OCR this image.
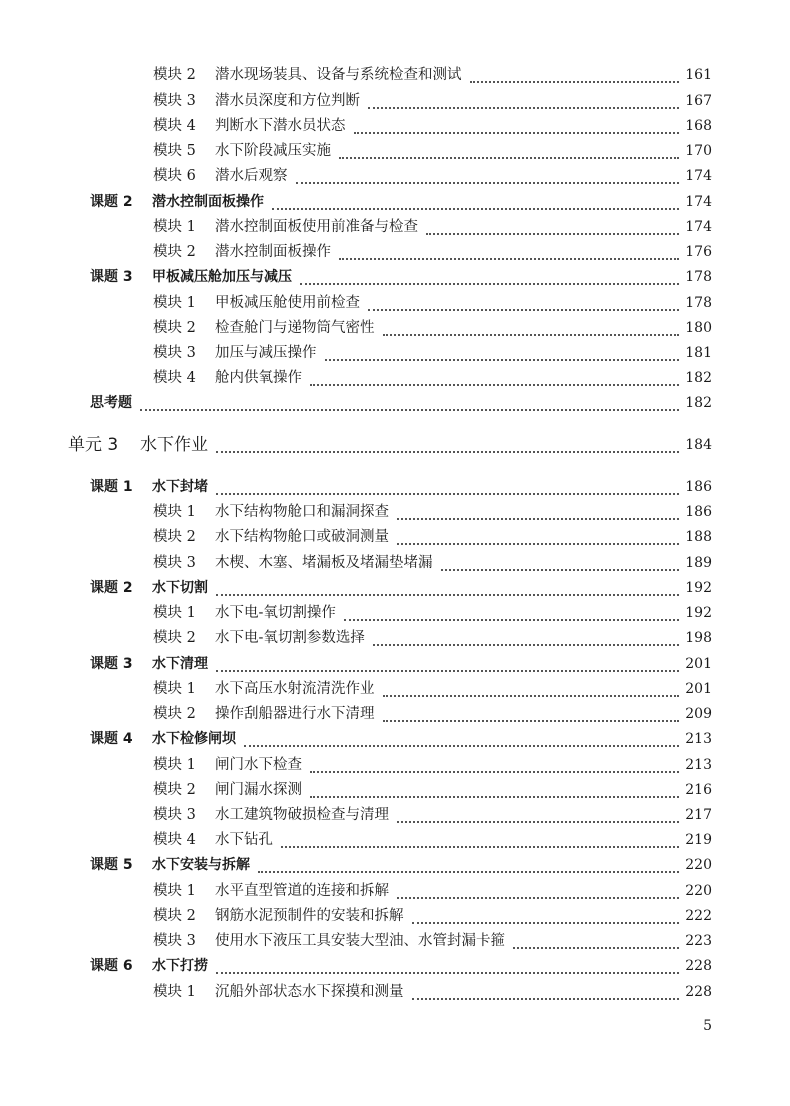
模块 2 潜水现场装具、设备与系统检查和测试	161
模块 3 潜水员深度和方位判断	167
模块 4 判断水下潜水员状态	168
模块 5 水下阶段减压实施	170
模块 6 潜水后观察	174
课题 2 潜水控制面板操作	174
模块 1 潜水控制面板使用前准备与检查	174
模块 2 潜水控制面板操作	176
课题 3 甲板减压舱加压与减压	178
模块 1 甲板减压舱使用前检查	178
模块 2 检查舱门与递物筒气密性	180
模块 3 加压与减压操作	181
模块 4 舱内供氧操作	182
思考题	182
单元 3 水下作业	184
课题 1 水下封堵	186
模块 1 水下结构物舱口和漏洞探查	186
模块 2 水下结构物舱口或破洞测量	188
模块 3 木楔、木塞、堵漏板及堵漏垫堵漏	189
课题 2 水下切割	192
模块 1 水下电-氧切割操作	192
模块 2 水下电-氧切割参数选择	198
课题 3 水下清理	201
模块 1 水下高压水射流清洗作业	201
模块 2 操作刮船器进行水下清理	209
课题 4 水下检修闸坝	213
模块 1 闸门水下检查	213
模块 2 闸门漏水探测	216
模块 3 水工建筑物破损检查与清理	217
模块 4 水下钻孔	219
课题 5 水下安装与拆解	220
模块 1 水平直型管道的连接和拆解	220
模块 2 钢筋水泥预制件的安装和拆解	222
模块 3 使用水下液压工具安装大型油、水管封漏卡箍	223
课题 6 水下打捞	228
模块 1 沉船外部状态水下探摸和测量	228
5
